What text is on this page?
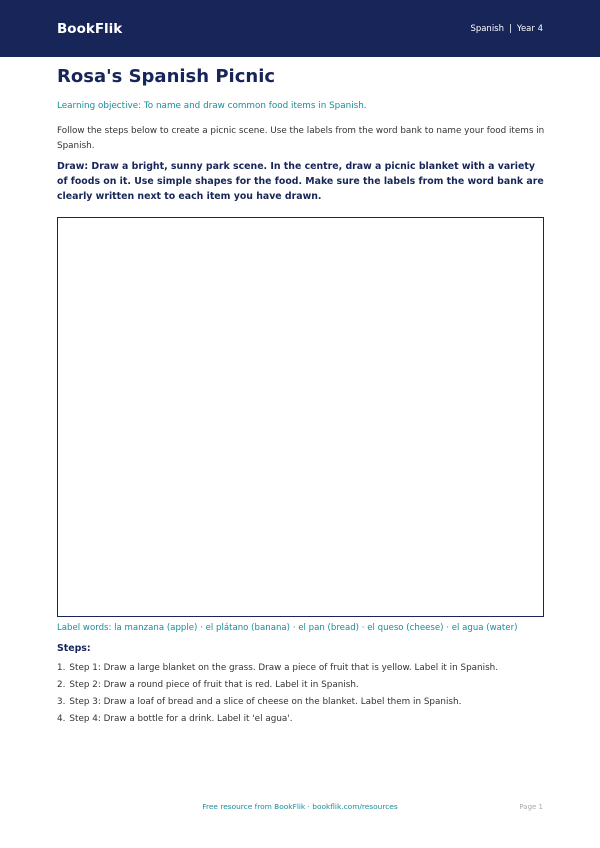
BookFlik	Spanish | Year 4
Rosa's Spanish Picnic

Learning objective: To name and draw common food items in Spanish.

Follow the steps below to create a picnic scene. Use the labels from the word bank to name your food items in Spanish.

Draw: Draw a bright, sunny park scene. In the centre, draw a picnic blanket with a variety of foods on it. Use simple shapes for the food. Make sure the labels from the word bank are clearly written next to each item you have drawn.

Label words: la manzana (apple) · el plátano (banana) · el pan (bread) · el queso (cheese) · el agua (water)

Steps:
1. Step 1: Draw a large blanket on the grass. Draw a piece of fruit that is yellow. Label it in Spanish.
2. Step 2: Draw a round piece of fruit that is red. Label it in Spanish.
3. Step 3: Draw a loaf of bread and a slice of cheese on the blanket. Label them in Spanish.
4. Step 4: Draw a bottle for a drink. Label it 'el agua'.

Free resource from BookFlik · bookflik.com/resources	Page 1
